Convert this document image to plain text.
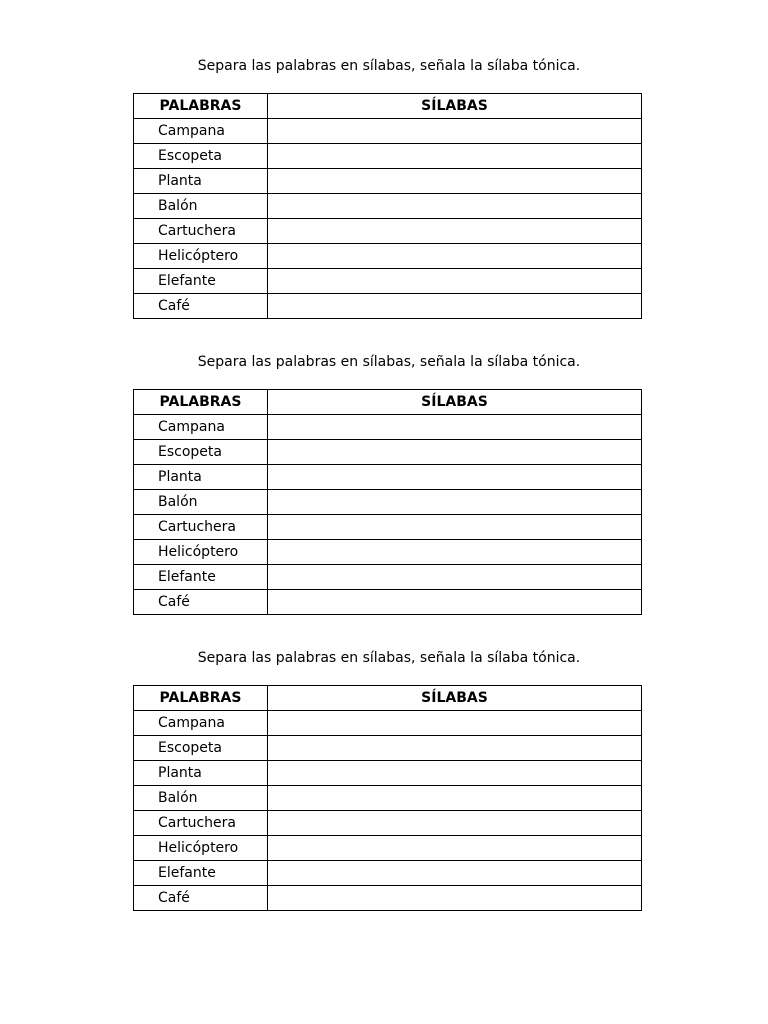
Separa las palabras en sílabas, señala la sílaba tónica.
PALABRAS	SÍLABAS
Campana	
Escopeta	
Planta	
Balón	
Cartuchera	
Helicóptero	
Elefante	
Café	
Separa las palabras en sílabas, señala la sílaba tónica.
PALABRAS	SÍLABAS
Campana	
Escopeta	
Planta	
Balón	
Cartuchera	
Helicóptero	
Elefante	
Café	
Separa las palabras en sílabas, señala la sílaba tónica.
PALABRAS	SÍLABAS
Campana	
Escopeta	
Planta	
Balón	
Cartuchera	
Helicóptero	
Elefante	
Café	
